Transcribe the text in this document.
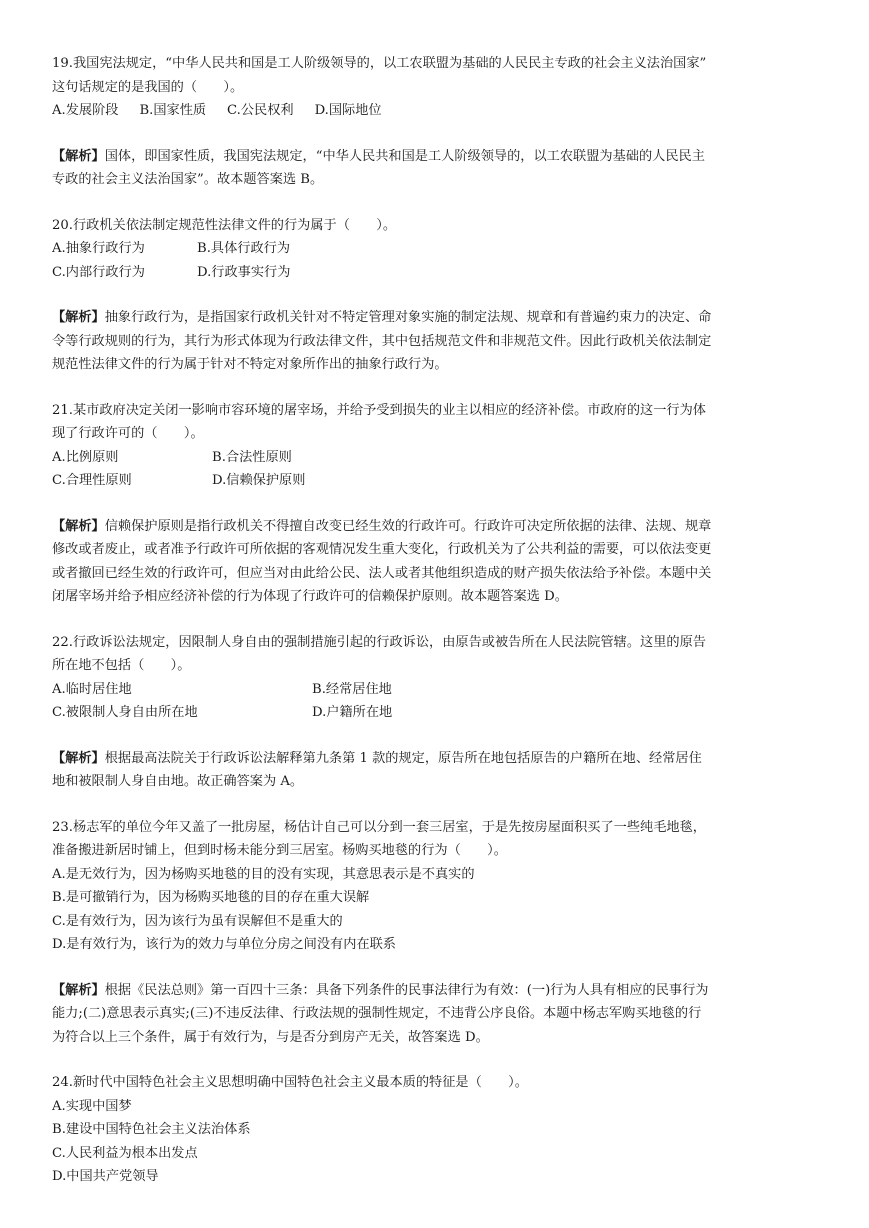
19.我国宪法规定，“中华人民共和国是工人阶级领导的，以工农联盟为基础的人民民主专政的社会主义法治国家”
这句话规定的是我国的（　　）。
A.发展阶段 B.国家性质 C.公民权利 D.国际地位
【解析】国体，即国家性质，我国宪法规定，“中华人民共和国是工人阶级领导的，以工农联盟为基础的人民民主
专政的社会主义法治国家”。故本题答案选 B。
20.行政机关依法制定规范性法律文件的行为属于（　　）。
A.抽象行政行为	B.具体行政行为
C.内部行政行为	D.行政事实行为
【解析】抽象行政行为，是指国家行政机关针对不特定管理对象实施的制定法规、规章和有普遍约束力的决定、命
令等行政规则的行为，其行为形式体现为行政法律文件，其中包括规范文件和非规范文件。因此行政机关依法制定
规范性法律文件的行为属于针对不特定对象所作出的抽象行政行为。
21.某市政府决定关闭一影响市容环境的屠宰场，并给予受到损失的业主以相应的经济补偿。市政府的这一行为体
现了行政许可的（　　）。
A.比例原则	B.合法性原则
C.合理性原则	D.信赖保护原则
【解析】信赖保护原则是指行政机关不得擅自改变已经生效的行政许可。行政许可决定所依据的法律、法规、规章
修改或者废止，或者准予行政许可所依据的客观情况发生重大变化，行政机关为了公共利益的需要，可以依法变更
或者撤回已经生效的行政许可，但应当对由此给公民、法人或者其他组织造成的财产损失依法给予补偿。本题中关
闭屠宰场并给予相应经济补偿的行为体现了行政许可的信赖保护原则。故本题答案选 D。
22.行政诉讼法规定，因限制人身自由的强制措施引起的行政诉讼，由原告或被告所在人民法院管辖。这里的原告
所在地不包括（　　）。
A.临时居住地	B.经常居住地
C.被限制人身自由所在地	D.户籍所在地
【解析】根据最高法院关于行政诉讼法解释第九条第 1 款的规定，原告所在地包括原告的户籍所在地、经常居住
地和被限制人身自由地。故正确答案为 A。
23.杨志军的单位今年又盖了一批房屋，杨估计自己可以分到一套三居室，于是先按房屋面积买了一些纯毛地毯，
准备搬进新居时铺上，但到时杨未能分到三居室。杨购买地毯的行为（　　）。
A.是无效行为，因为杨购买地毯的目的没有实现，其意思表示是不真实的
B.是可撤销行为，因为杨购买地毯的目的存在重大误解
C.是有效行为，因为该行为虽有误解但不是重大的
D.是有效行为，该行为的效力与单位分房之间没有内在联系
【解析】根据《民法总则》第一百四十三条：具备下列条件的民事法律行为有效：(一)行为人具有相应的民事行为
能力;(二)意思表示真实;(三)不违反法律、行政法规的强制性规定，不违背公序良俗。本题中杨志军购买地毯的行
为符合以上三个条件，属于有效行为，与是否分到房产无关，故答案选 D。
24.新时代中国特色社会主义思想明确中国特色社会主义最本质的特征是（　　）。
A.实现中国梦
B.建设中国特色社会主义法治体系
C.人民利益为根本出发点
D.中国共产党领导
